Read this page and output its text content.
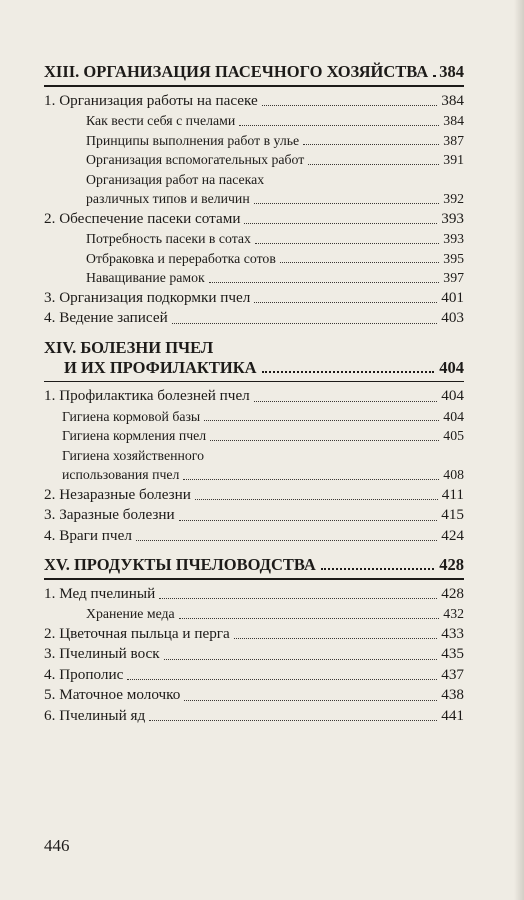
XIII. ОРГАНИЗАЦИЯ ПАСЕЧНОГО ХОЗЯЙСТВА 384
1. Организация работы на пасеке	384
Как вести себя с пчелами	384
Принципы выполнения работ в улье	387
Организация вспомогательных работ	391
Организация работ на пасеках
различных типов и величин	392
2. Обеспечение пасеки сотами	393
Потребность пасеки в сотах	393
Отбраковка и переработка сотов	395
Наващивание рамок	397
3. Организация подкормки пчел	401
4. Ведение записей	403
XIV. БОЛЕЗНИ ПЧЕЛ
И ИХ ПРОФИЛАКТИКА	404
1. Профилактика болезней пчел	404
Гигиена кормовой базы	404
Гигиена кормления пчел	405
Гигиена хозяйственного
использования пчел	408
2. Незаразные болезни	411
3. Заразные болезни	415
4. Враги пчел	424
XV. ПРОДУКТЫ ПЧЕЛОВОДСТВА	428
1. Мед пчелиный	428
Хранение меда	432
2. Цветочная пыльца и перга	433
3. Пчелиный воск	435
4. Прополис	437
5. Маточное молочко	438
6. Пчелиный яд	441
446
